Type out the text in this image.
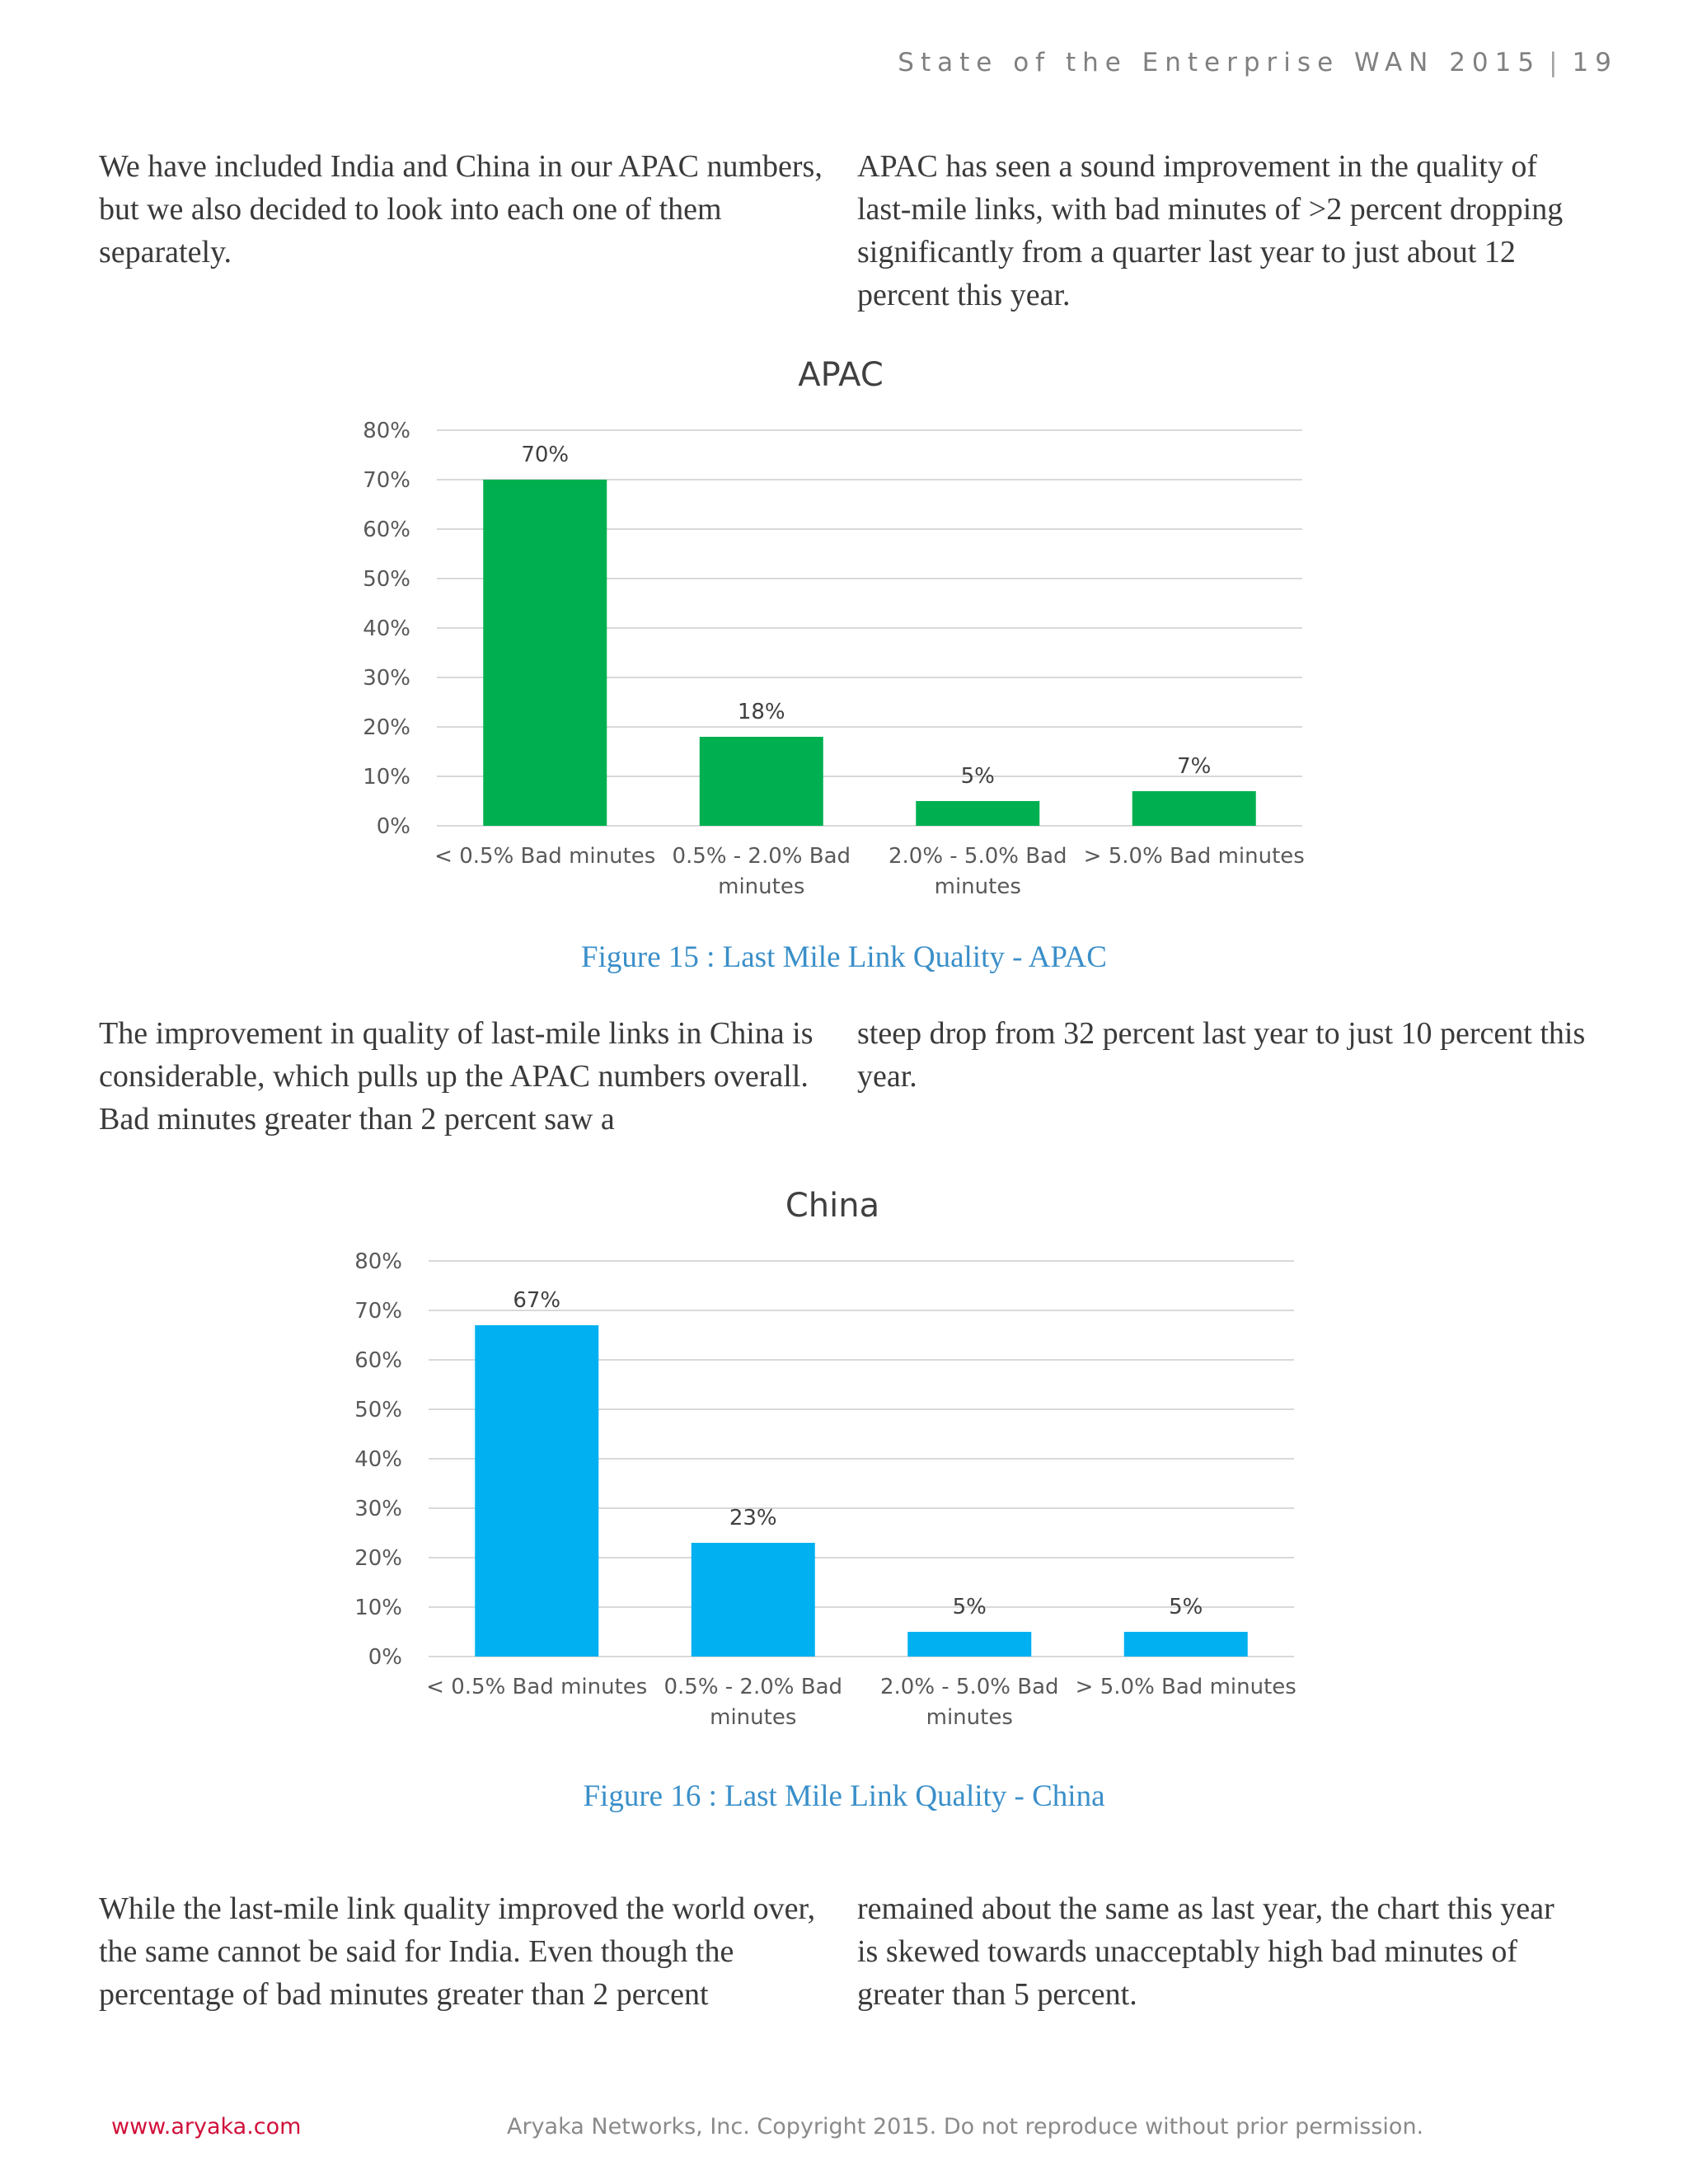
State of the Enterprise WAN 2015 | 19

We have included India and China in our APAC numbers, but we also decided to look into each one of them separately.

APAC has seen a sound improvement in the quality of last-mile links, with bad minutes of >2 percent dropping significantly from a quarter last year to just about 12 percent this year.

APAC
0%
10%
20%
30%
40%
50%
60%
70%
80%
70%
< 0.5% Bad minutes
18%
0.5% - 2.0% Bad
minutes
5%
2.0% - 5.0% Bad
minutes
7%
> 5.0% Bad minutes
Figure 15 : Last Mile Link Quality - APAC

The improvement in quality of last-mile links in China is considerable, which pulls up the APAC numbers overall. Bad minutes greater than 2 percent saw a

steep drop from 32 percent last year to just 10 percent this year.

China
0%
10%
20%
30%
40%
50%
60%
70%
80%
67%
< 0.5% Bad minutes
23%
0.5% - 2.0% Bad
minutes
5%
2.0% - 5.0% Bad
minutes
5%
> 5.0% Bad minutes
Figure 16 : Last Mile Link Quality - China

While the last-mile link quality improved the world over, the same cannot be said for India. Even though the percentage of bad minutes greater than 2 percent

remained about the same as last year, the chart this year is skewed towards unacceptably high bad minutes of greater than 5 percent.

www.aryaka.com	Aryaka Networks, Inc. Copyright 2015. Do not reproduce without prior permission.
